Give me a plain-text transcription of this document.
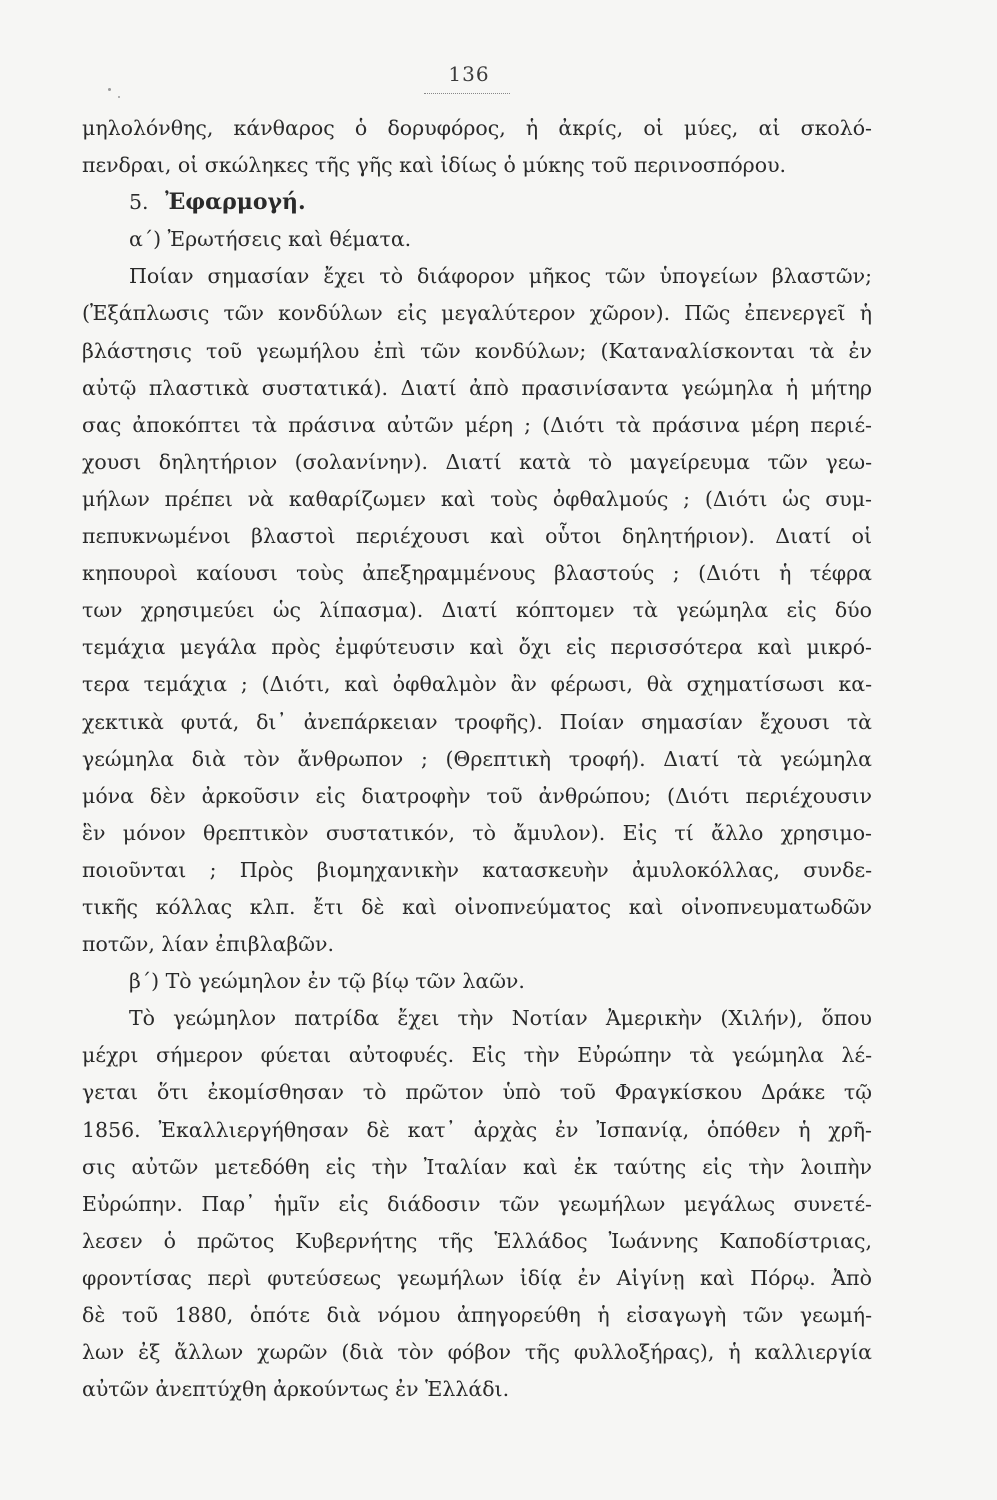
136
μηλολόνθης, κάνθαρος ὁ δορυφόρος, ἡ ἀκρίς, οἱ μύες, αἱ σκολό-
πενδραι, οἱ σκώληκες τῆς γῆς καὶ ἰδίως ὁ μύκης τοῦ περινοσπόρου.
5. Ἐφαρμογή.
α΄) Ἐρωτήσεις καὶ θέματα.
Ποίαν σημασίαν ἔχει τὸ διάφορον μῆκος τῶν ὑπογείων βλαστῶν;
(Ἐξάπλωσις τῶν κονδύλων εἰς μεγαλύτερον χῶρον). Πῶς ἐπενεργεῖ ἡ
βλάστησις τοῦ γεωμήλου ἐπὶ τῶν κονδύλων; (Καταναλίσκονται τὰ ἐν
αὐτῷ πλαστικὰ συστατικά). Διατί ἀπὸ πρασινίσαντα γεώμηλα ἡ μήτηρ
σας ἀποκόπτει τὰ πράσινα αὐτῶν μέρη ; (Διότι τὰ πράσινα μέρη περιέ-
χουσι δηλητήριον (σολανίνην). Διατί κατὰ τὸ μαγείρευμα τῶν γεω-
μήλων πρέπει νὰ καθαρίζωμεν καὶ τοὺς ὀφθαλμούς ; (Διότι ὡς συμ-
πεπυκνωμένοι βλαστοὶ περιέχουσι καὶ οὗτοι δηλητήριον). Διατί οἱ
κηπουροὶ καίουσι τοὺς ἀπεξηραμμένους βλαστούς ; (Διότι ἡ τέφρα
των χρησιμεύει ὡς λίπασμα). Διατί κόπτομεν τὰ γεώμηλα εἰς δύο
τεμάχια μεγάλα πρὸς ἐμφύτευσιν καὶ ὄχι εἰς περισσότερα καὶ μικρό-
τερα τεμάχια ; (Διότι, καὶ ὀφθαλμὸν ἂν φέρωσι, θὰ σχηματίσωσι κα-
χεκτικὰ φυτά, δι᾽ ἀνεπάρκειαν τροφῆς). Ποίαν σημασίαν ἔχουσι τὰ
γεώμηλα διὰ τὸν ἄνθρωπον ; (Θρεπτικὴ τροφή). Διατί τὰ γεώμηλα
μόνα δὲν ἀρκοῦσιν εἰς διατροφὴν τοῦ ἀνθρώπου; (Διότι περιέχουσιν
ἓν μόνον θρεπτικὸν συστατικόν, τὸ ἄμυλον). Εἰς τί ἄλλο χρησιμο-
ποιοῦνται ; Πρὸς βιομηχανικὴν κατασκευὴν ἀμυλοκόλλας, συνδε-
τικῆς κόλλας κλπ. ἔτι δὲ καὶ οἰνοπνεύματος καὶ οἰνοπνευματωδῶν
ποτῶν, λίαν ἐπιβλαβῶν.
β΄) Τὸ γεώμηλον ἐν τῷ βίῳ τῶν λαῶν.
Τὸ γεώμηλον πατρίδα ἔχει τὴν Νοτίαν Ἀμερικὴν (Χιλήν), ὅπου
μέχρι σήμερον φύεται αὐτοφυές. Εἰς τὴν Εὐρώπην τὰ γεώμηλα λέ-
γεται ὅτι ἐκομίσθησαν τὸ πρῶτον ὑπὸ τοῦ Φραγκίσκου Δράκε τῷ
1856. Ἐκαλλιεργήθησαν δὲ κατ᾽ ἀρχὰς ἐν Ἰσπανίᾳ, ὁπόθεν ἡ χρῆ-
σις αὐτῶν μετεδόθη εἰς τὴν Ἰταλίαν καὶ ἐκ ταύτης εἰς τὴν λοιπὴν
Εὐρώπην. Παρ᾽ ἡμῖν εἰς διάδοσιν τῶν γεωμήλων μεγάλως συνετέ-
λεσεν ὁ πρῶτος Κυβερνήτης τῆς Ἑλλάδος Ἰωάννης Καποδίστριας,
φροντίσας περὶ φυτεύσεως γεωμήλων ἰδίᾳ ἐν Αἰγίνῃ καὶ Πόρῳ. Ἀπὸ
δὲ τοῦ 1880, ὁπότε διὰ νόμου ἀπηγορεύθη ἡ εἰσαγωγὴ τῶν γεωμή-
λων ἐξ ἄλλων χωρῶν (διὰ τὸν φόβον τῆς φυλλοξήρας), ἡ καλλιεργία
αὐτῶν ἀνεπτύχθη ἀρκούντως ἐν Ἑλλάδι.
